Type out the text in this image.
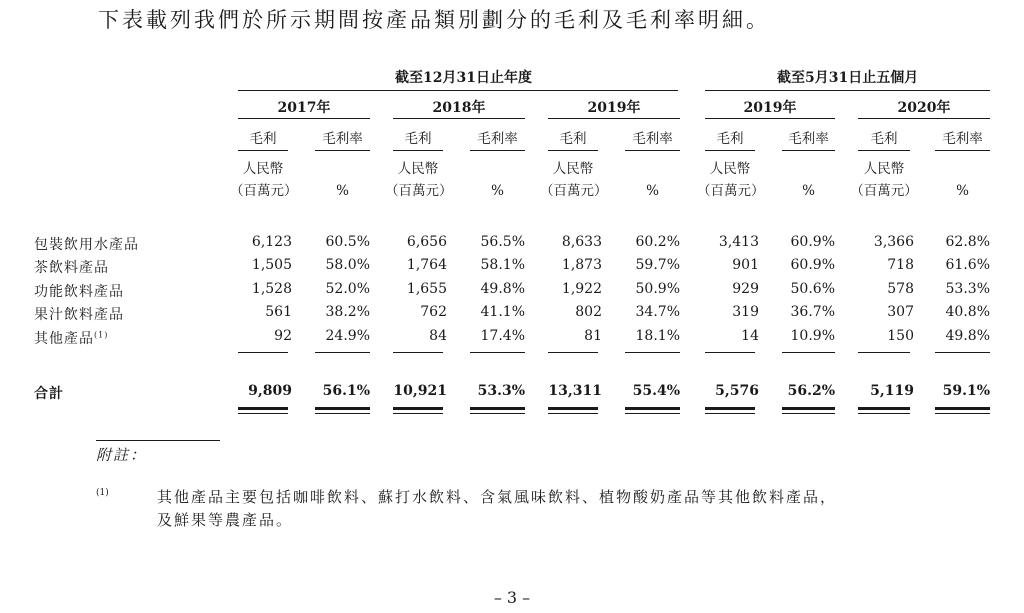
下表載列我們於所示期間按產品類別劃分的毛利及毛利率明細。
截至12月31日止年度	截至5月31日止五個月
2017年
毛利	毛利率
人民幣
（百萬元）	%
2018年
毛利	毛利率
人民幣
（百萬元）	%
2019年
毛利	毛利率
人民幣
（百萬元）	%
2019年
毛利	毛利率
人民幣
（百萬元）	%
2020年
毛利	毛利率
人民幣
（百萬元）	%
包裝飲用水產品	6,123	60.5%	6,656	56.5%	8,633	60.2%	3,413	60.9%	3,366	62.8%
茶飲料產品	1,505	58.0%	1,764	58.1%	1,873	59.7%	901	60.9%	718	61.6%
功能飲料產品	1,528	52.0%	1,655	49.8%	1,922	50.9%	929	50.6%	578	53.3%
果汁飲料產品	561	38.2%	762	41.1%	802	34.7%	319	36.7%	307	40.8%
其他產品$^{(1)}$	92	24.9%	84	17.4%	81	18.1%	14	10.9%	150	49.8%
合計	9,809	56.1% 10,921	53.3% 13,311	55.4%	5,576	56.2%	5,119	59.1%
附註：
(1)	其他產品主要包括咖啡飲料、蘇打水飲料、含氣風味飲料、植物酸奶產品等其他飲料產品，
及鮮果等農產品。
– 3 –
